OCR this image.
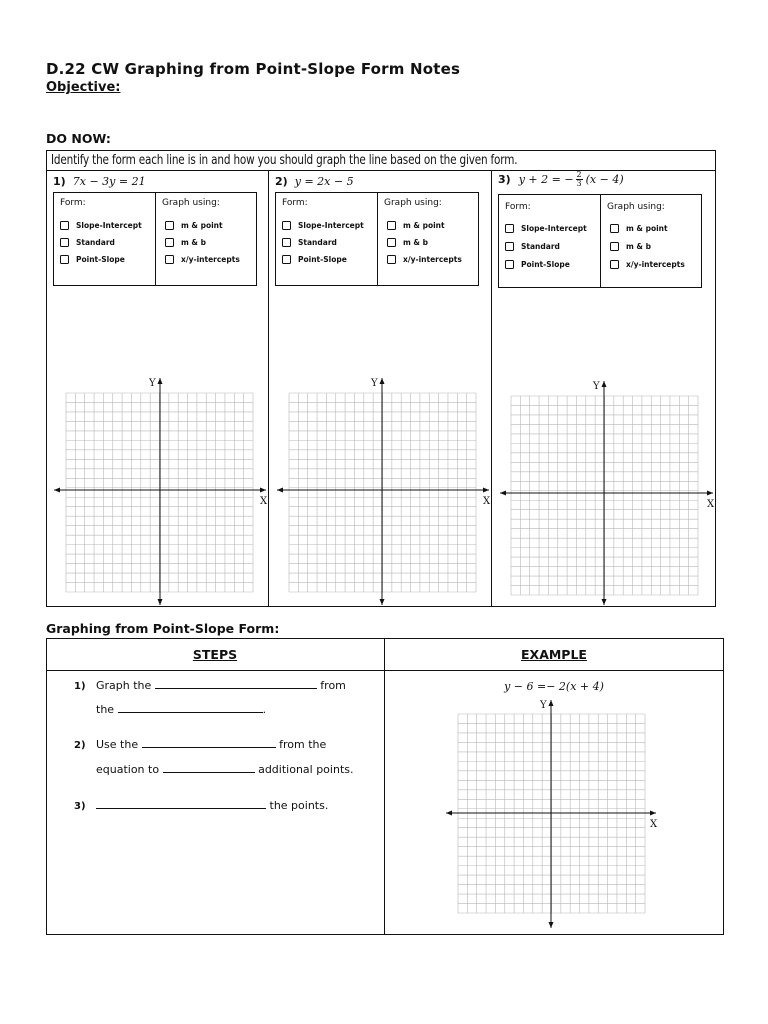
D.22 CW Graphing from Point-Slope Form Notes
Objective:
DO NOW:
Identify the form each line is in and how you should graph the line based on the given form.
1) 7x − 3y = 21
Form:	Graph using:
Slope-Intercept
Standard
Point-Slope
m & point
m & b
x/y-intercepts
2) y = 2x − 5
Form:	Graph using:
Slope-Intercept
Standard
Point-Slope
m & point
m & b
x/y-intercepts
3) y + 2 = − $\frac{2}{3} (x - 4)$
Form:	Graph using:
Slope-Intercept
Standard
Point-Slope
m & point
m & b
x/y-intercepts
Y
X
Y
X
Y
X
Graphing from Point-Slope Form:
STEPS	EXAMPLE
1) Graph the	from
the	.
2) Use the	from the
equation to	additional points.
3)	the points.
y − 6 =− 2(x + 4)
Y
X
